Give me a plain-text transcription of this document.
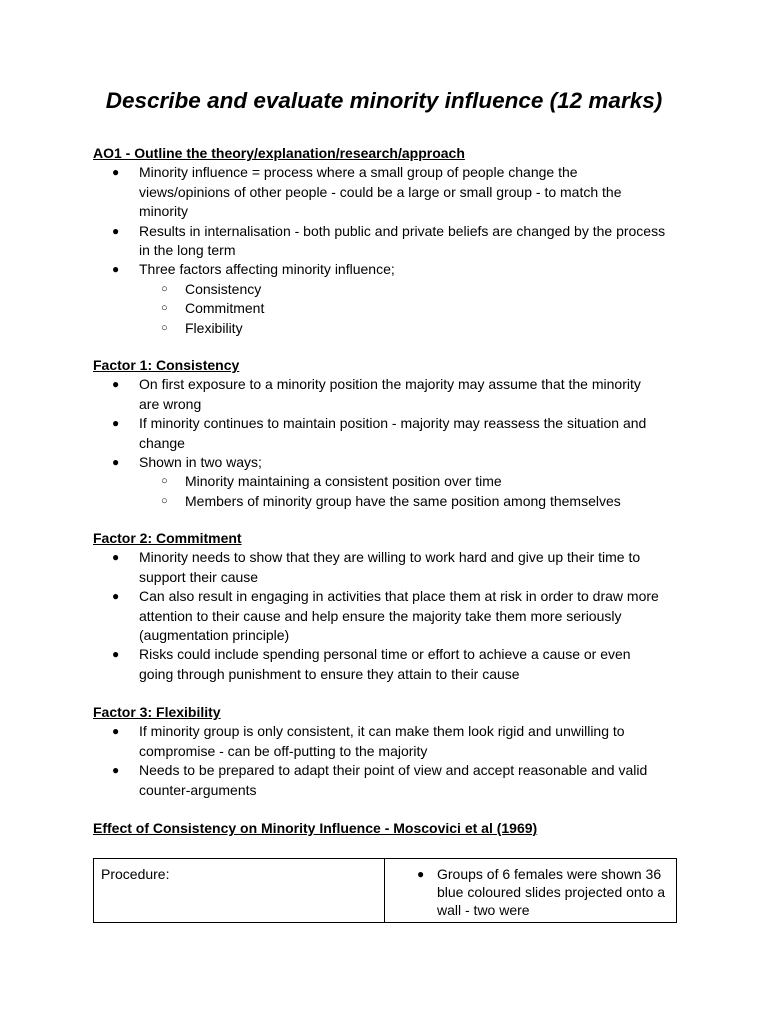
Describe and evaluate minority influence (12 marks)

AO1 - Outline the theory/explanation/research/approach

● Minority influence = process where a small group of people change the views/opinions of other people - could be a large or small group - to match the minority
● Results in internalisation - both public and private beliefs are changed by the process in the long term
● Three factors affecting minority influence;
○ Consistency
○ Commitment
○ Flexibility

Factor 1: Consistency

● On first exposure to a minority position the majority may assume that the minority are wrong
● If minority continues to maintain position - majority may reassess the situation and change
● Shown in two ways;
○ Minority maintaining a consistent position over time
○ Members of minority group have the same position among themselves

Factor 2: Commitment

● Minority needs to show that they are willing to work hard and give up their time to support their cause
● Can also result in engaging in activities that place them at risk in order to draw more attention to their cause and help ensure the majority take them more seriously (augmentation principle)
● Risks could include spending personal time or effort to achieve a cause or even going through punishment to ensure they attain to their cause

Factor 3: Flexibility

● If minority group is only consistent, it can make them look rigid and unwilling to compromise - can be off-putting to the majority
● Needs to be prepared to adapt their point of view and accept reasonable and valid counter-arguments

Effect of Consistency on Minority Influence - Moscovici et al (1969)

Procedure:	● Groups of 6 females were shown 36 blue coloured slides projected onto a wall - two were
